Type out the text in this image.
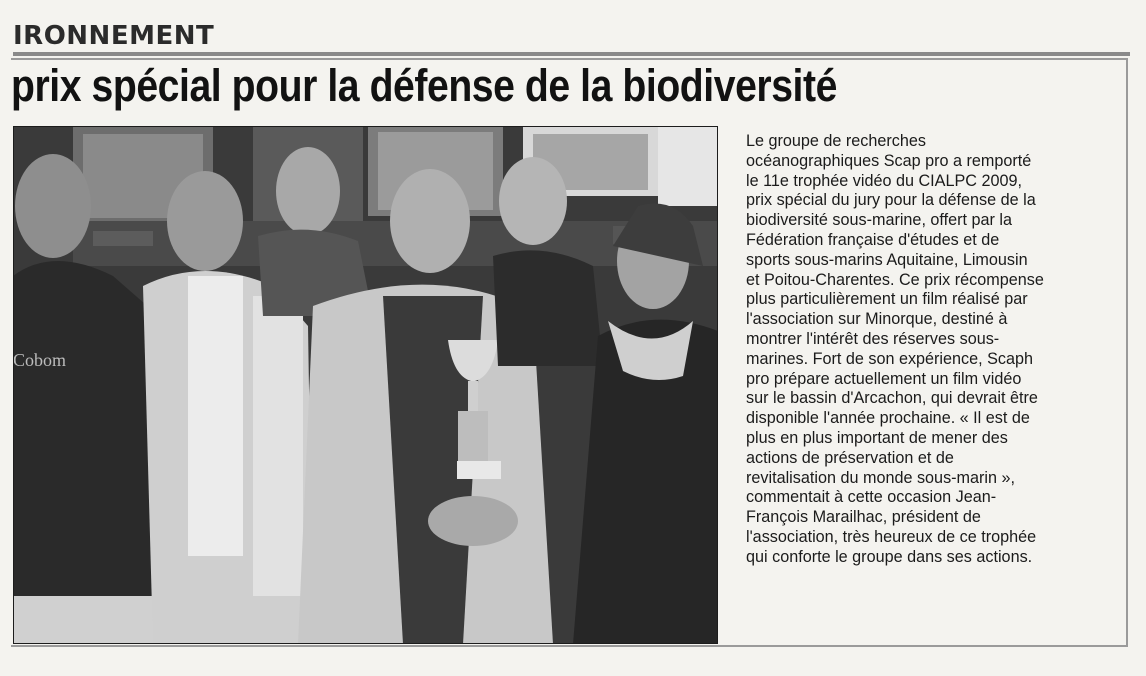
IRONNEMENT
prix spécial pour la défense de la biodiversité
Cobom

Le groupe de recherches

océanographiques Scap pro a remporté

le 11e trophée vidéo du CIALPC 2009,

prix spécial du jury pour la défense de la

biodiversité sous-marine, offert par la

Fédération française d'études et de

sports sous-marins Aquitaine, Limousin

et Poitou-Charentes. Ce prix récompense

plus particulièrement un film réalisé par

l'association sur Minorque, destiné à

montrer l'intérêt des réserves sous-

marines. Fort de son expérience, Scaph

pro prépare actuellement un film vidéo

sur le bassin d'Arcachon, qui devrait être

disponible l'année prochaine. « Il est de

plus en plus important de mener des

actions de préservation et de

revitalisation du monde sous-marin »,

commentait à cette occasion Jean-

François Marailhac, président de

l'association, très heureux de ce trophée

qui conforte le groupe dans ses actions.
